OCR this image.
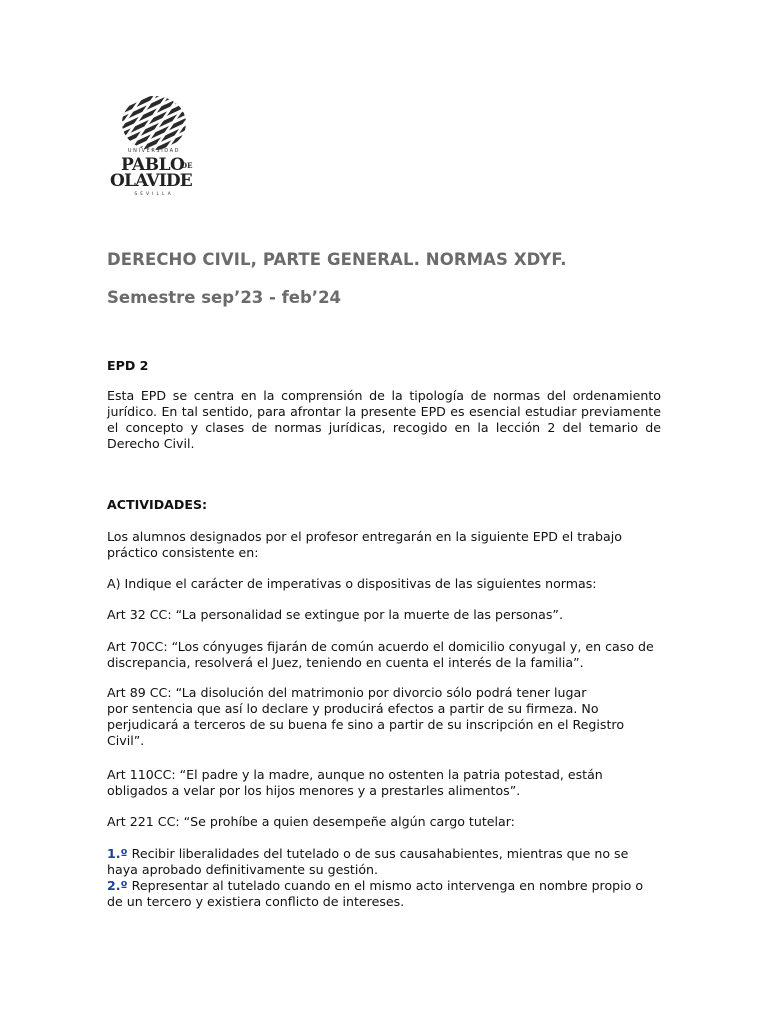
UNIVERSIDAD
PABLO
DE
OLAVIDE
SEVILLA
DERECHO CIVIL, PARTE GENERAL. NORMAS XDYF.
Semestre sep’23 - feb’24

EPD 2

Esta EPD se centra en la comprensión de la tipología de normas del ordenamiento jurídico. En tal sentido, para afrontar la presente EPD es esencial estudiar previamente el concepto y clases de normas jurídicas, recogido en la lección 2 del temario de Derecho Civil.

ACTIVIDADES:

Los alumnos designados por el profesor entregarán en la siguiente EPD el trabajo
práctico consistente en:

A) Indique el carácter de imperativas o dispositivas de las siguientes normas:

Art 32 CC: “La personalidad se extingue por la muerte de las personas”.

Art 70CC: “Los cónyuges fijarán de común acuerdo el domicilio conyugal y, en caso de
discrepancia, resolverá el Juez, teniendo en cuenta el interés de la familia”.

Art 89 CC: “La disolución del matrimonio por divorcio sólo podrá tener lugar
por sentencia que así lo declare y producirá efectos a partir de su firmeza. No
perjudicará a terceros de su buena fe sino a partir de su inscripción en el Registro
Civil”.

Art 110CC: “El padre y la madre, aunque no ostenten la patria potestad, están
obligados a velar por los hijos menores y a prestarles alimentos”.

Art 221 CC: “Se prohíbe a quien desempeñe algún cargo tutelar:

1.º Recibir liberalidades del tutelado o de sus causahabientes, mientras que no se
haya aprobado definitivamente su gestión.
2.º Representar al tutelado cuando en el mismo acto intervenga en nombre propio o
de un tercero y existiera conflicto de intereses.
